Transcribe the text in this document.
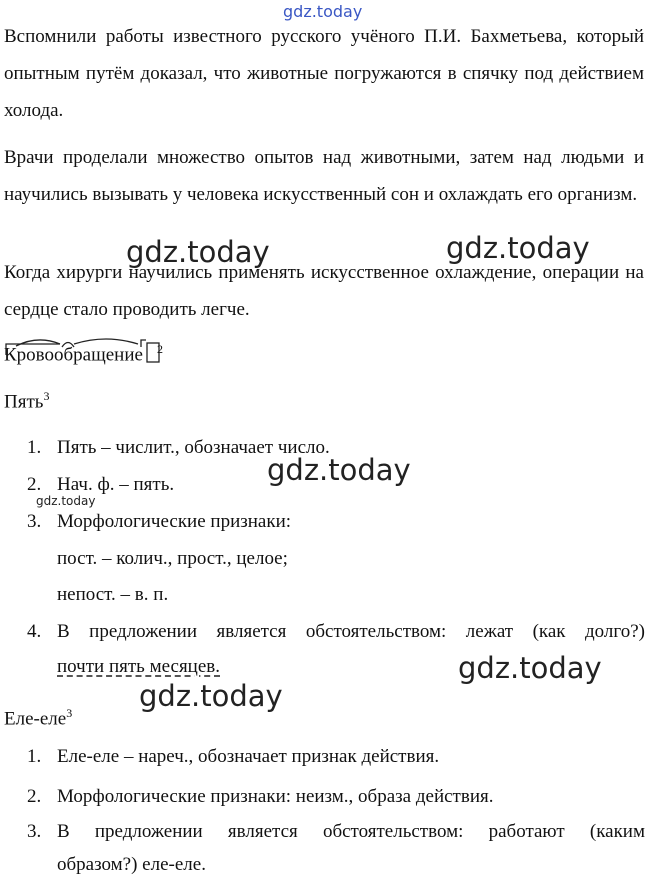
gdz.today
gdz.today	gdz.today
gdz.today
gdz.today
gdz.today
gdz.today

Вспомнили работы известного русского учёного П.И. Бахметьева, который опытным путём доказал, что животные погружаются в спячку под действием холода.

Врачи проделали множество опытов над животными, затем над людьми и научились вызывать у человека искусственный сон и охлаждать его организм.

Когда хирурги научились применять искусственное охлаждение, операции на сердце стало проводить легче.

Кровообращение $^2$
Пять$^3$
1. Пять – числит., обозначает число.
2. Нач. ф. – пять.
3. Морфологические признаки:
пост. – колич., прост., целое;
непост. – в. п.
4. В предложении является обстоятельством: лежат (как долго?)
почти пять месяцев.
Еле-еле$^3$
1. Еле-еле – нареч., обозначает признак действия.
2. Морфологические признаки: неизм., образа действия.
3. В предложении является обстоятельством: работают (каким
образом?) еле-еле.
